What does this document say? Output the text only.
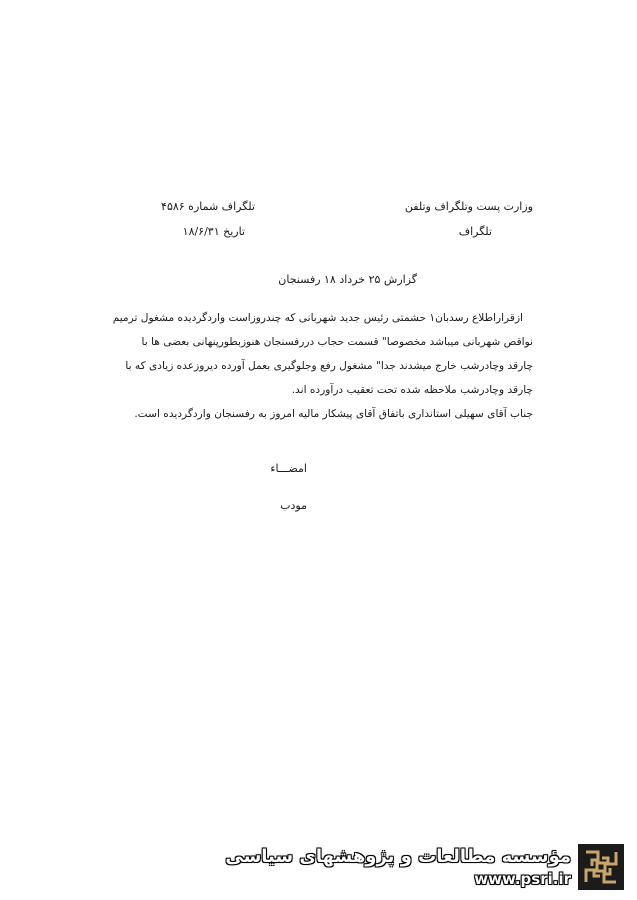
وزارت پست وتلگراف وتلفن
تلگراف
تلگراف شماره ۴۵۸۶
تاریخ ۱۸/۶/۳۱
گزارش ۲۵ خرداد ۱۸ رفسنجان
ازقراراطلاع رسدبان۱ حشمتی رئیس جدید شهربانی که چندروزاست واردگردیده مشغول ترمیم
نواقص شهربانی میباشد مخصوصا" قسمت حجاب دررفسنجان هنوزبطورپنهانی بعضی ها با
چارقد وچادرشب خارج میشدند جدا" مشغول رفع وجلوگیری بعمل آورده دیروزعده زیادی که با
چارقد وچادرشب ملاحظه شده تحت تعقیب درآورده اند.
جناب آقای سهیلی استانداری باتفاق آقای پیشکار مالیه امروز به رفسنجان واردگردیده است.
امضـــاء
مودب
مؤسسه مطالعات و پژوهشهای سیاسی
www.psri.ir
